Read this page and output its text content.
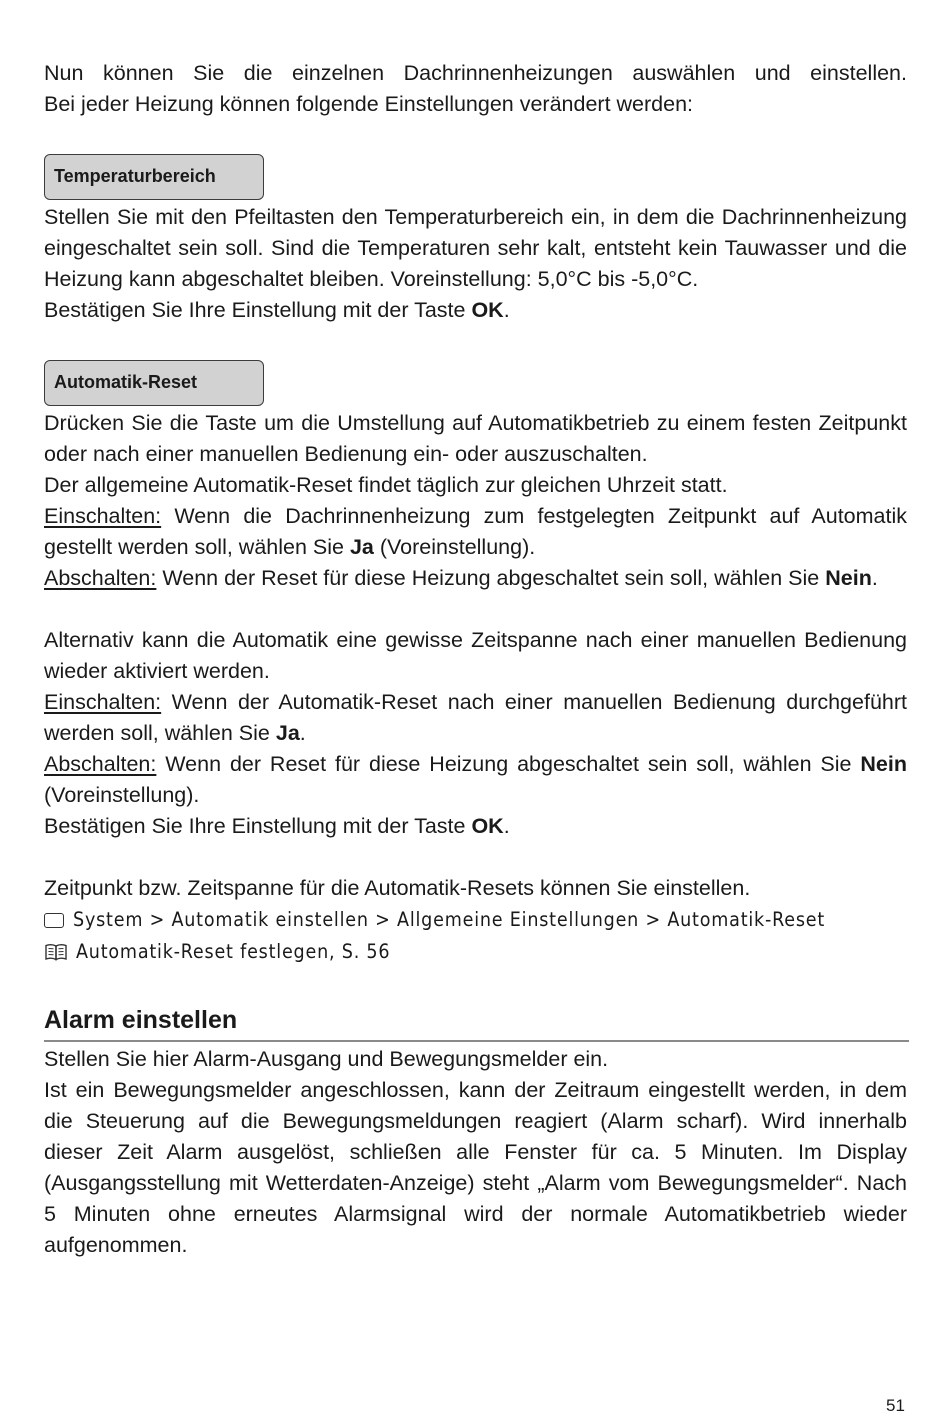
Nun können Sie die einzelnen Dachrinnenheizungen auswählen und einstellen.

Bei jeder Heizung können folgende Einstellungen verändert werden:

Temperaturbereich

Stellen Sie mit den Pfeiltasten den Temperaturbereich ein, in dem die Dachrinnenheizung eingeschaltet sein soll. Sind die Temperaturen sehr kalt, entsteht kein Tauwasser und die Heizung kann abgeschaltet bleiben. Voreinstellung: 5,0°C bis -5,0°C.

Bestätigen Sie Ihre Einstellung mit der Taste OK.

Automatik-Reset

Drücken Sie die Taste um die Umstellung auf Automatikbetrieb zu einem festen Zeitpunkt oder nach einer manuellen Bedienung ein- oder auszuschalten.

Der allgemeine Automatik-Reset findet täglich zur gleichen Uhrzeit statt.

Einschalten: Wenn die Dachrinnenheizung zum festgelegten Zeitpunkt auf Automatik gestellt werden soll, wählen Sie Ja (Voreinstellung).

Abschalten: Wenn der Reset für diese Heizung abgeschaltet sein soll, wählen Sie Nein.

Alternativ kann die Automatik eine gewisse Zeitspanne nach einer manuellen Bedienung wieder aktiviert werden.

Einschalten: Wenn der Automatik-Reset nach einer manuellen Bedienung durchgeführt werden soll, wählen Sie Ja.

Abschalten: Wenn der Reset für diese Heizung abgeschaltet sein soll, wählen Sie Nein (Voreinstellung).

Bestätigen Sie Ihre Einstellung mit der Taste OK.

Zeitpunkt bzw. Zeitspanne für die Automatik-Resets können Sie einstellen.

System > Automatik einstellen > Allgemeine Einstellungen > Automatik-Reset
Automatik-Reset festlegen, S. 56
Alarm einstellen

Stellen Sie hier Alarm-Ausgang und Bewegungsmelder ein.

Ist ein Bewegungsmelder angeschlossen, kann der Zeitraum eingestellt werden, in dem die Steuerung auf die Bewegungsmeldungen reagiert (Alarm scharf). Wird innerhalb dieser Zeit Alarm ausgelöst, schließen alle Fenster für ca. 5 Minuten. Im Display (Ausgangsstellung mit Wetterdaten-Anzeige) steht „Alarm vom Bewegungsmelder“. Nach 5 Minuten ohne erneutes Alarmsignal wird der normale Automatikbetrieb wieder aufgenommen.

51
